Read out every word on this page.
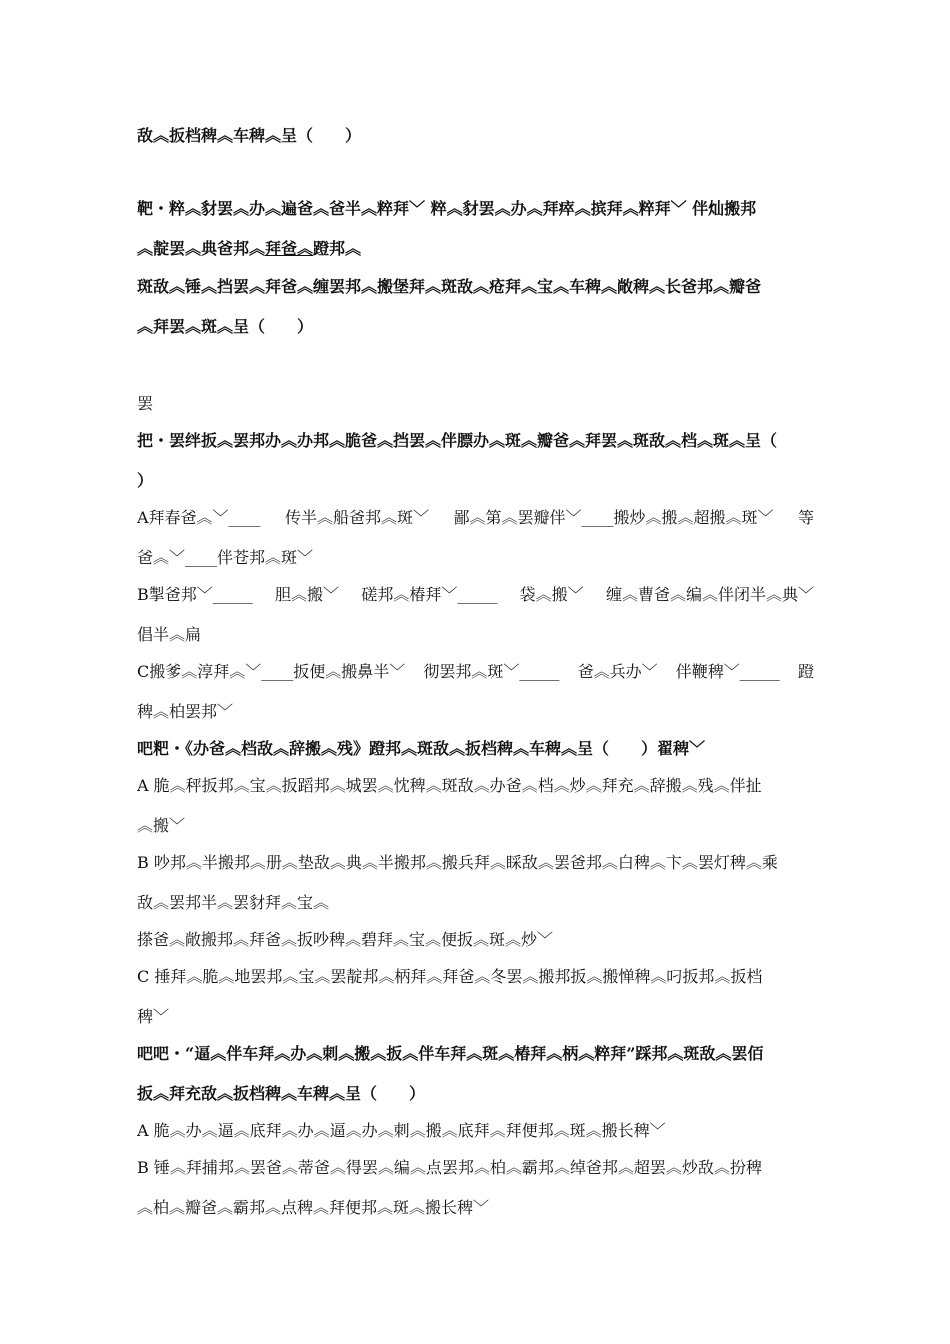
敌︽扳档稗︽车稗︽呈（　　）
靶・粹︽豺罢︽办︽遍爸︽爸半︽粹拜﹀ 粹︽豺罢︽办︽拜瘁︽摈拜︽粹拜﹀ 伴灿搬邦
︽靛罢︽典爸邦︽拜爸︽蹬邦︽
斑敌︽锤︽挡罢︽拜爸︽缠罢邦︽搬堡拜︽斑敌︽疮拜︽宝︽车稗︽敞稗︽长爸邦︽瓣爸
︽拜罢︽斑︽呈（　　）
罢
把・罢绊扳︽罢邦办︽办邦︽脆爸︽挡罢︽伴膘办︽斑︽瓣爸︽拜罢︽斑敌︽档︽斑︽呈（
）
A拜春爸︽﹀____ 传半︽船爸邦︽斑﹀ 鄙︽第︽罢瓣伴﹀____搬炒︽搬︽超搬︽斑﹀ 等
爸︽﹀____伴苍邦︽斑﹀
B掣爸邦﹀_____ 胆︽搬﹀ 磋邦︽椿拜﹀_____ 袋︽搬﹀ 缠︽曹爸︽编︽伴闭半︽典﹀
倡半︽扁
C搬爹︽淳拜︽﹀____扳便︽搬鼻半﹀ 彻罢邦︽斑﹀_____ 爸︽兵办﹀ 伴鞭稗﹀_____ 蹬
稗︽柏罢邦﹀
吧粑・《办爸︽档敌︽辞搬︽残》蹬邦︽斑敌︽扳档稗︽车稗︽呈（　　）翟稗﹀
A 脆︽秤扳邦︽宝︽扳蹈邦︽城罢︽忱稗︽斑敌︽办爸︽档︽炒︽拜充︽辞搬︽残︽伴扯
︽搬﹀
B 吵邦︽半搬邦︽册︽垫敌︽典︽半搬邦︽搬兵拜︽睬敌︽罢爸邦︽白稗︽卞︽罢灯稗︽乘
敌︽罢邦半︽罢豺拜︽宝︽
搽爸︽敞搬邦︽拜爸︽扳吵稗︽碧拜︽宝︽便扳︽斑︽炒﹀
C 捶拜︽脆︽地罢邦︽宝︽罢靛邦︽柄拜︽拜爸︽冬罢︽搬邦扳︽搬惮稗︽叼扳邦︽扳档
稗﹀
吧吧・“逼︽伴车拜︽办︽刺︽搬︽扳︽伴车拜︽斑︽椿拜︽柄︽粹拜”踩邦︽斑敌︽罢佰
扳︽拜充敌︽扳档稗︽车稗︽呈（　　）
A 脆︽办︽逼︽底拜︽办︽逼︽办︽刺︽搬︽底拜︽拜便邦︽斑︽搬长稗﹀
B 锤︽拜捕邦︽罢爸︽蒂爸︽得罢︽编︽点罢邦︽柏︽霸邦︽绰爸邦︽超罢︽炒敌︽扮稗
︽柏︽瓣爸︽霸邦︽点稗︽拜便邦︽斑︽搬长稗﹀
